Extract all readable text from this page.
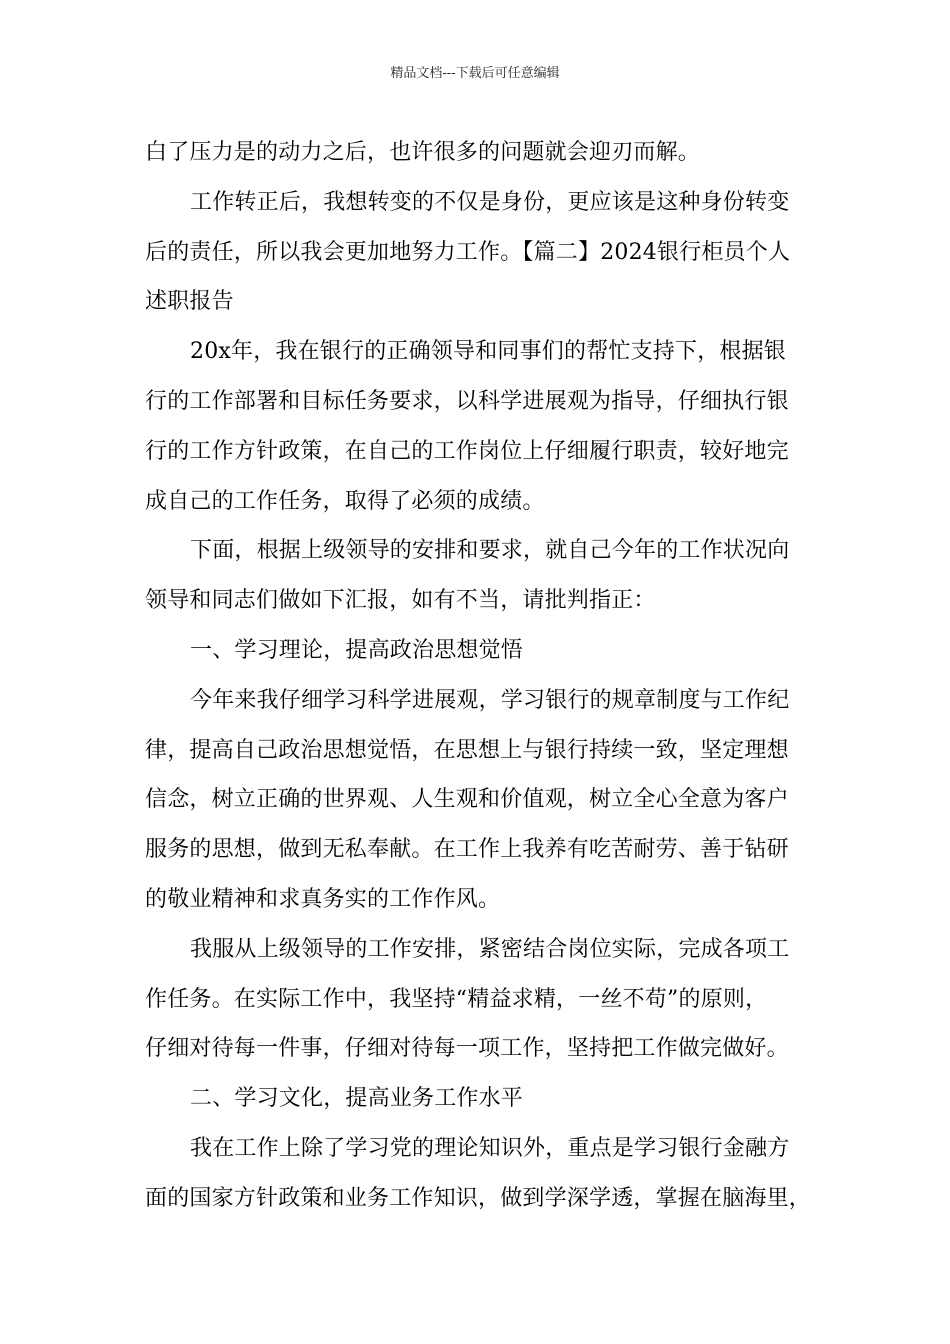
精品文档---下载后可任意编辑
白了压力是的动力之后，也许很多的问题就会迎刃而解。
工作转正后，我想转变的不仅是身份，更应该是这种身份转变
后的责任，所以我会更加地努力工作。【篇二】2024银行柜员个人
述职报告
20x年，我在银行的正确领导和同事们的帮忙支持下，根据银
行的工作部署和目标任务要求，以科学进展观为指导，仔细执行银
行的工作方针政策，在自己的工作岗位上仔细履行职责，较好地完
成自己的工作任务，取得了必须的成绩。
下面，根据上级领导的安排和要求，就自己今年的工作状况向
领导和同志们做如下汇报，如有不当，请批判指正：
一、学习理论，提高政治思想觉悟
今年来我仔细学习科学进展观，学习银行的规章制度与工作纪
律，提高自己政治思想觉悟，在思想上与银行持续一致，坚定理想
信念，树立正确的世界观、人生观和价值观，树立全心全意为客户
服务的思想，做到无私奉献。在工作上我养有吃苦耐劳、善于钻研
的敬业精神和求真务实的工作作风。
我服从上级领导的工作安排，紧密结合岗位实际，完成各项工
作任务。在实际工作中，我坚持“精益求精，一丝不苟”的原则，
仔细对待每一件事，仔细对待每一项工作，坚持把工作做完做好。
二、学习文化，提高业务工作水平
我在工作上除了学习党的理论知识外，重点是学习银行金融方
面的国家方针政策和业务工作知识，做到学深学透，掌握在脑海里，
